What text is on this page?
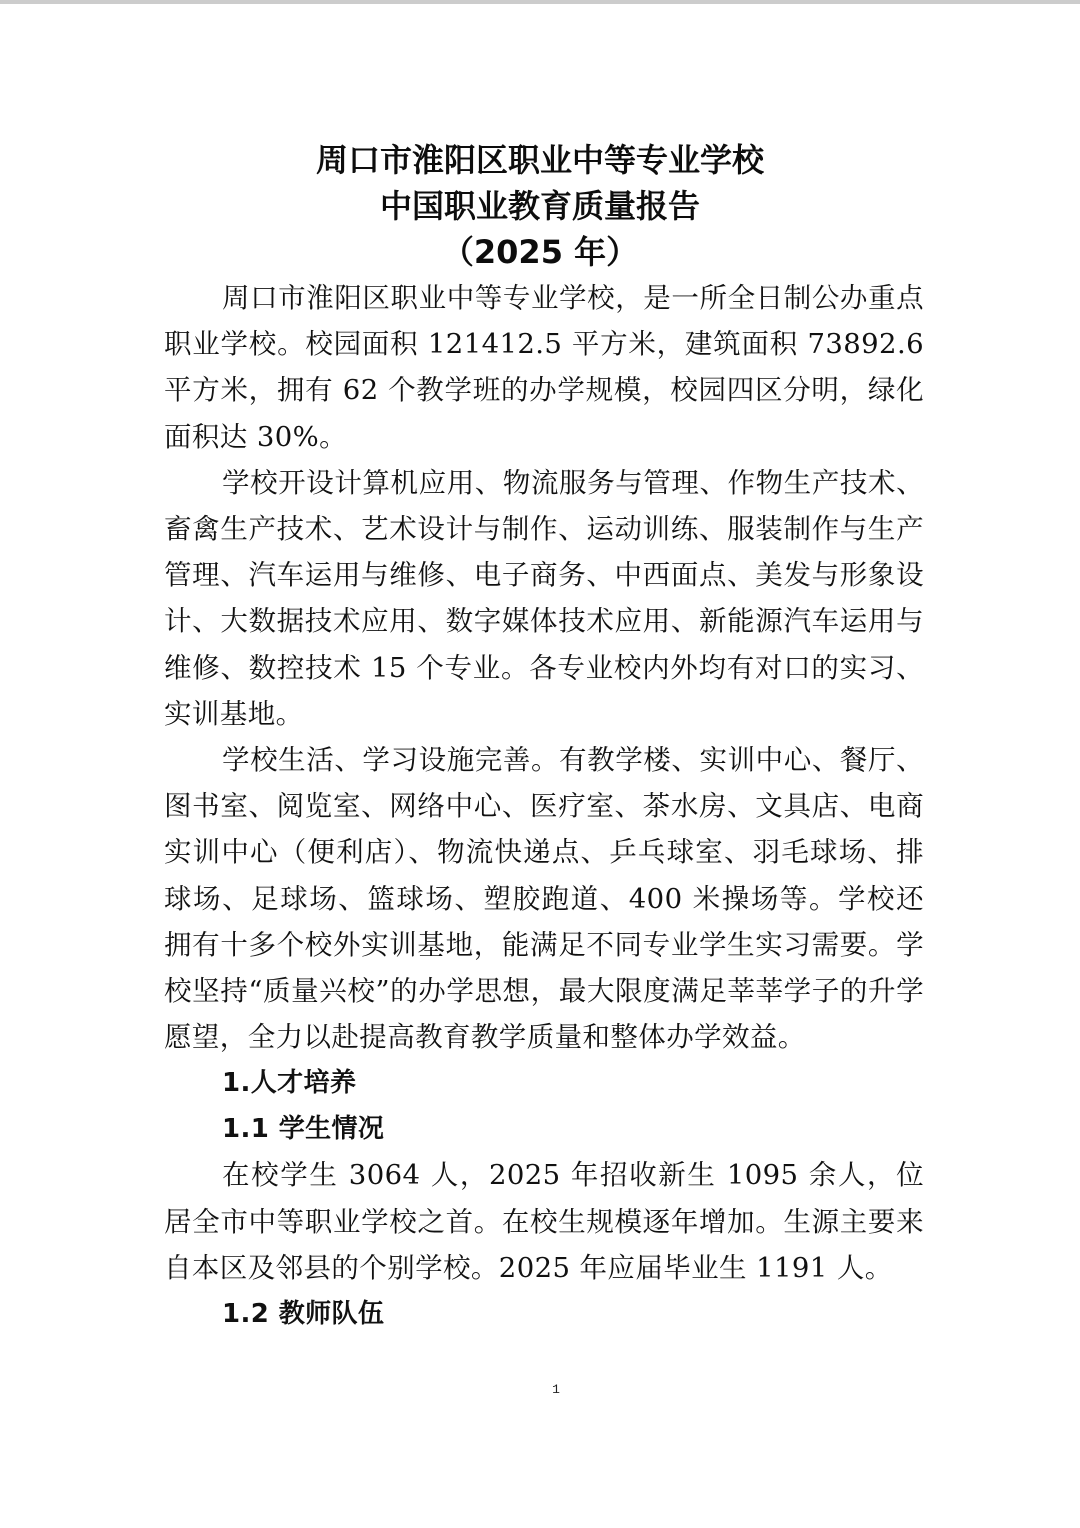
周口市淮阳区职业中等专业学校
中国职业教育质量报告
（2025 年）

周口市淮阳区职业中等专业学校，是一所全日制公办重点职业学校。校园面积 121412.5 平方米，建筑面积 73892.6 平方米，拥有 62 个教学班的办学规模，校园四区分明，绿化面积达 30%。

学校开设计算机应用、物流服务与管理、作物生产技术、畜禽生产技术、艺术设计与制作、运动训练、服装制作与生产管理、汽车运用与维修、电子商务、中西面点、美发与形象设计、大数据技术应用、数字媒体技术应用、新能源汽车运用与维修、数控技术 15 个专业。各专业校内外均有对口的实习、实训基地。

学校生活、学习设施完善。有教学楼、实训中心、餐厅、图书室、阅览室、网络中心、医疗室、茶水房、文具店、电商实训中心（便利店）、物流快递点、乒乓球室、羽毛球场、排球场、足球场、篮球场、塑胶跑道、400 米操场等。学校还拥有十多个校外实训基地，能满足不同专业学生实习需要。学校坚持“质量兴校”的办学思想，最大限度满足莘莘学子的升学愿望，全力以赴提高教育教学质量和整体办学效益。

1.人才培养

1.1 学生情况

在校学生 3064 人，2025 年招收新生 1095 余人，位居全市中等职业学校之首。在校生规模逐年增加。生源主要来自本区及邻县的个别学校。2025 年应届毕业生 1191 人。

1.2 教师队伍

1
